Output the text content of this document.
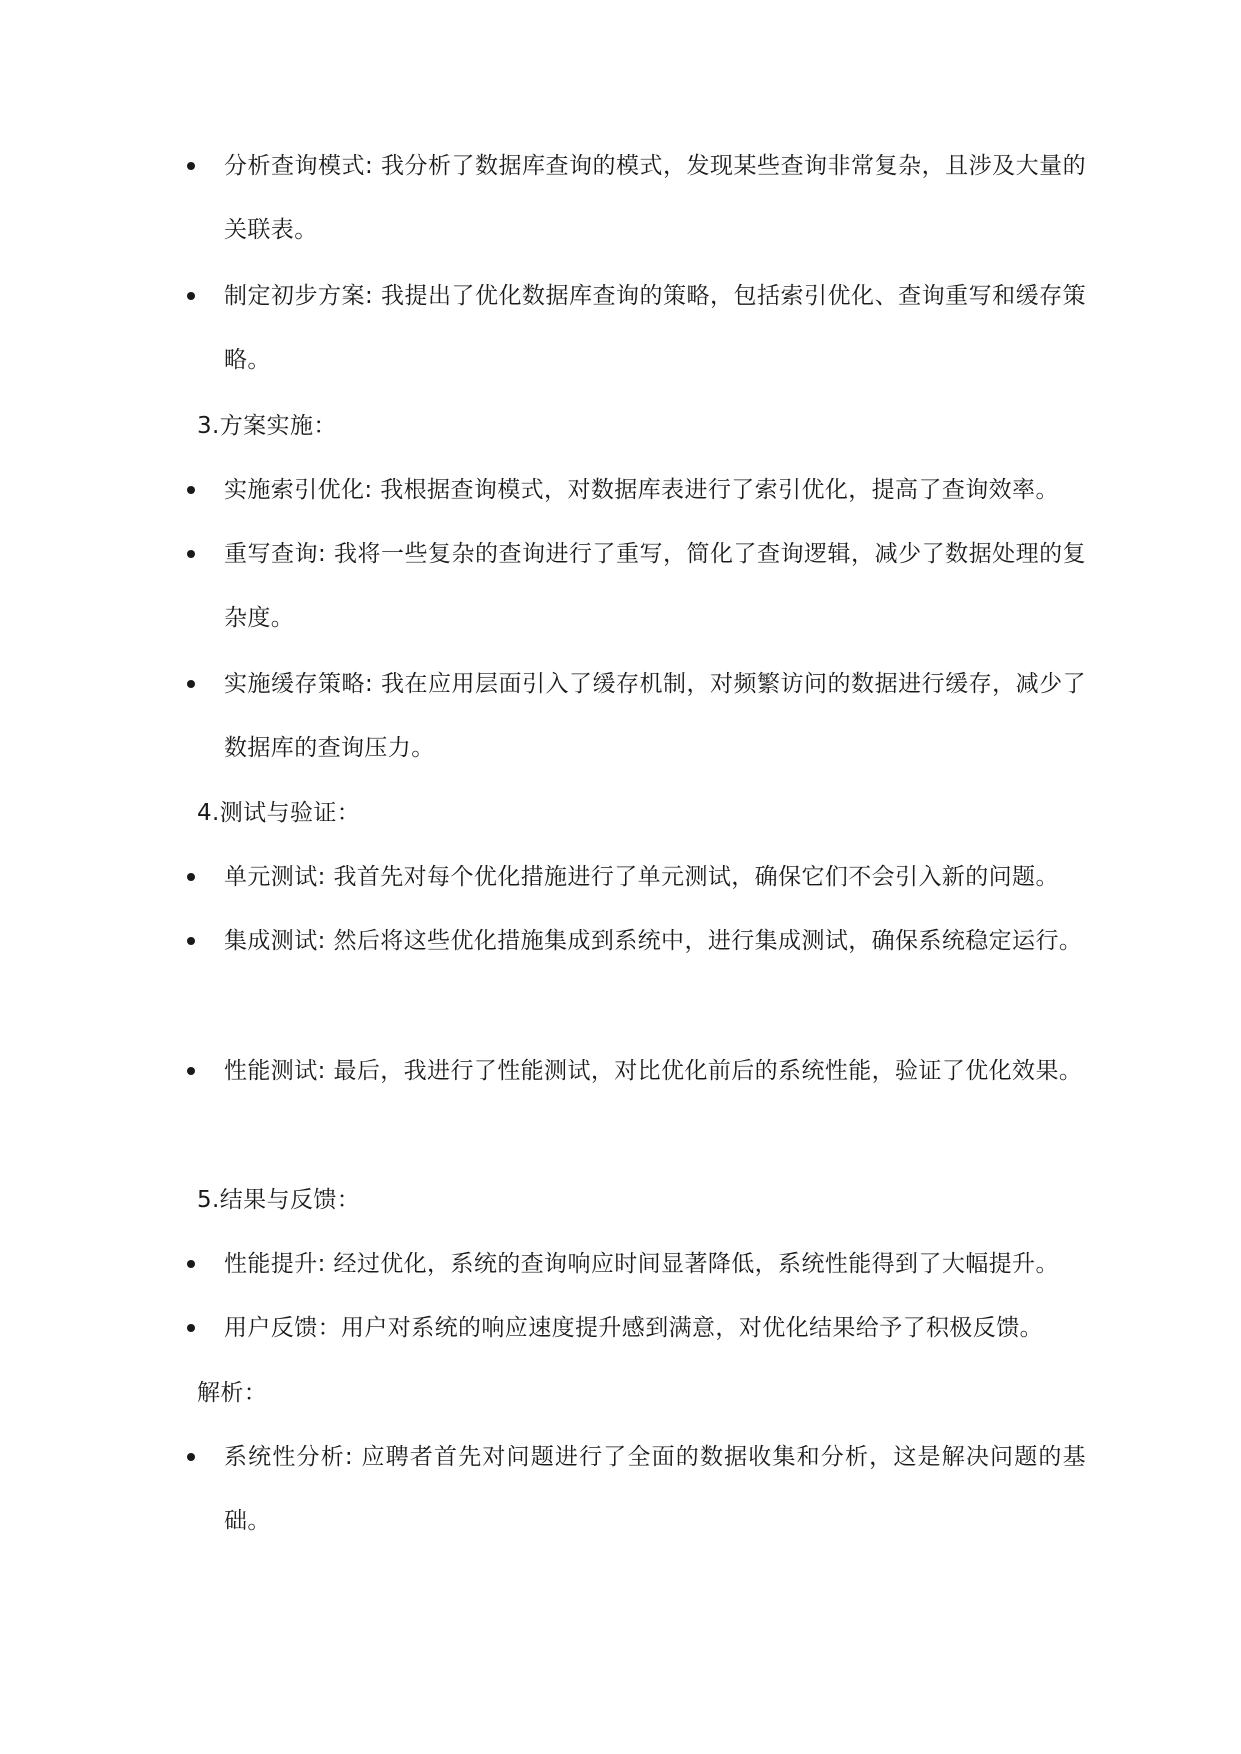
分析查询模式: 我分析了数据库查询的模式，发现某些查询非常复杂，且涉及大量的关联表。
制定初步方案: 我提出了优化数据库查询的策略，包括索引优化、查询重写和缓存策略。
3.方案实施：
实施索引优化: 我根据查询模式，对数据库表进行了索引优化，提高了查询效率。
重写查询: 我将一些复杂的查询进行了重写，简化了查询逻辑，减少了数据处理的复杂度。
实施缓存策略: 我在应用层面引入了缓存机制，对频繁访问的数据进行缓存，减少了数据库的查询压力。
4.测试与验证：
单元测试: 我首先对每个优化措施进行了单元测试，确保它们不会引入新的问题。
集成测试: 然后将这些优化措施集成到系统中，进行集成测试，确保系统稳定运行。
性能测试: 最后，我进行了性能测试，对比优化前后的系统性能，验证了优化效果。
5.结果与反馈：
性能提升: 经过优化，系统的查询响应时间显著降低，系统性能得到了大幅提升。
用户反馈：用户对系统的响应速度提升感到满意，对优化结果给予了积极反馈。
解析：
系统性分析: 应聘者首先对问题进行了全面的数据收集和分析，这是解决问题的基础。
